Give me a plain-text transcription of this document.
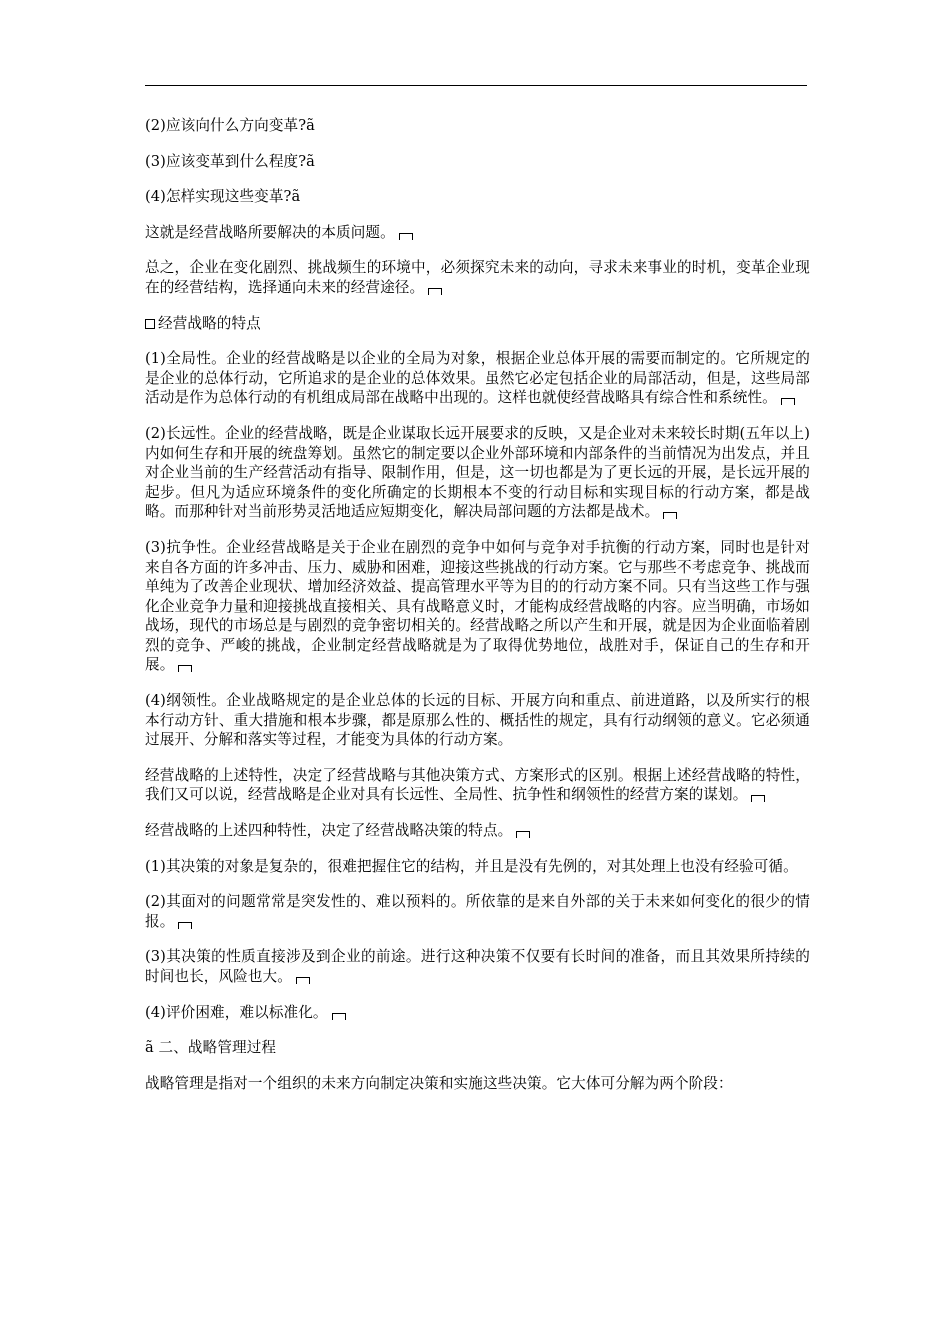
(2)应该向什么方向变革?ã

(3)应该变革到什么程度?ã

(4)怎样实现这些变革?ã

这就是经营战略所要解决的本质问题。

总之，企业在变化剧烈、挑战频生的环境中，必须探究未来的动向，寻求未来事业的时机，变革企业现在的经营结构，选择通向未来的经营途径。

经营战略的特点

(1)全局性。企业的经营战略是以企业的全局为对象，根据企业总体开展的需要而制定的。它所规定的是企业的总体行动，它所追求的是企业的总体效果。虽然它必定包括企业的局部活动，但是，这些局部活动是作为总体行动的有机组成局部在战略中出现的。这样也就使经营战略具有综合性和系统性。

(2)长远性。企业的经营战略，既是企业谋取长远开展要求的反映，又是企业对未来较长时期(五年以上)内如何生存和开展的统盘筹划。虽然它的制定要以企业外部环境和内部条件的当前情况为出发点，并且对企业当前的生产经营活动有指导、限制作用，但是，这一切也都是为了更长远的开展，是长远开展的起步。但凡为适应环境条件的变化所确定的长期根本不变的行动目标和实现目标的行动方案，都是战略。而那种针对当前形势灵活地适应短期变化，解决局部问题的方法都是战术。

(3)抗争性。企业经营战略是关于企业在剧烈的竞争中如何与竞争对手抗衡的行动方案，同时也是针对来自各方面的许多冲击、压力、威胁和困难，迎接这些挑战的行动方案。它与那些不考虑竞争、挑战而单纯为了改善企业现状、增加经济效益、提高管理水平等为目的的行动方案不同。只有当这些工作与强化企业竞争力量和迎接挑战直接相关、具有战略意义时，才能构成经营战略的内容。应当明确，市场如战场，现代的市场总是与剧烈的竞争密切相关的。经营战略之所以产生和开展，就是因为企业面临着剧烈的竞争、严峻的挑战，企业制定经营战略就是为了取得优势地位，战胜对手，保证自己的生存和开展。

(4)纲领性。企业战略规定的是企业总体的长远的目标、开展方向和重点、前进道路，以及所实行的根本行动方针、重大措施和根本步骤，都是原那么性的、概括性的规定，具有行动纲领的意义。它必须通过展开、分解和落实等过程，才能变为具体的行动方案。

经营战略的上述特性，决定了经营战略与其他决策方式、方案形式的区别。根据上述经营战略的特性，我们又可以说，经营战略是企业对具有长远性、全局性、抗争性和纲领性的经营方案的谋划。

经营战略的上述四种特性，决定了经营战略决策的特点。

(1)其决策的对象是复杂的，很难把握住它的结构，并且是没有先例的，对其处理上也没有经验可循。

(2)其面对的问题常常是突发性的、难以预料的。所依靠的是来自外部的关于未来如何变化的很少的情报。

(3)其决策的性质直接涉及到企业的前途。进行这种决策不仅要有长时间的准备，而且其效果所持续的时间也长，风险也大。

(4)评价困难，难以标准化。

ã 二、战略管理过程

战略管理是指对一个组织的未来方向制定决策和实施这些决策。它大体可分解为两个阶段：
